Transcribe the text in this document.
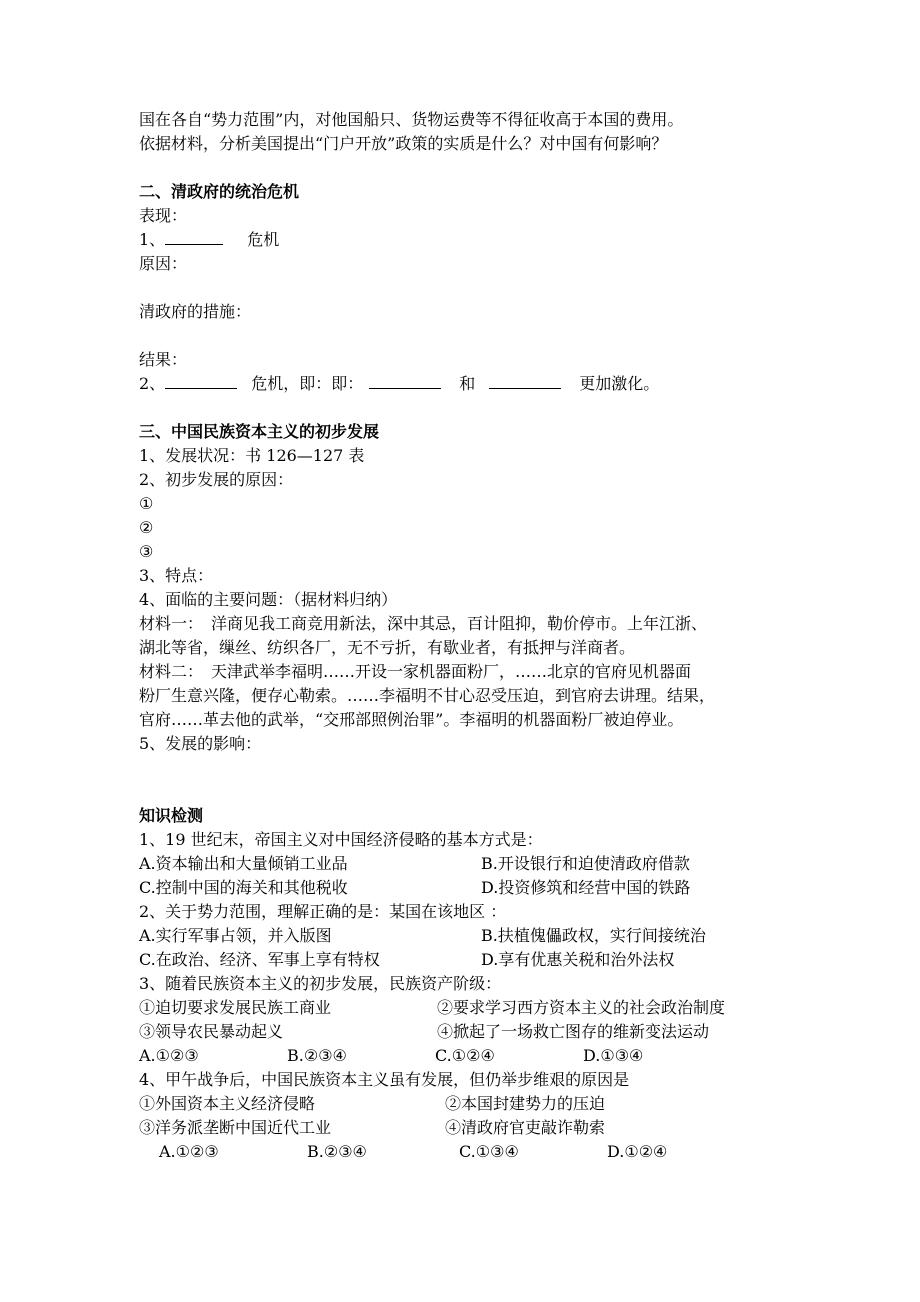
国在各自“势力范围”内，对他国船只、货物运费等不得征收高于本国的费用。
依据材料，分析美国提出“门户开放”政策的实质是什么？对中国有何影响？
二、清政府的统治危机
表现：
1、	危机
原因：
清政府的措施：
结果：
2、	危机，即：即：	和	更加激化。
三、中国民族资本主义的初步发展
1、发展状况：书 126—127 表
2、初步发展的原因：
①
②
③
3、特点：
4、面临的主要问题：（据材料归纳）
材料一：　洋商见我工商竞用新法，深中其忌，百计阻抑，勒价停市。上年江浙、
湖北等省，缫丝、纺织各厂，无不亏折，有歇业者，有抵押与洋商者。
材料二：　天津武举李福明……开设一家机器面粉厂，……北京的官府见机器面
粉厂生意兴隆，便存心勒索。……李福明不甘心忍受压迫，到官府去讲理。结果，
官府……革去他的武举，“交邢部照例治罪”。李福明的机器面粉厂被迫停业。
5、发展的影响：
知识检测
1、19 世纪末，帝国主义对中国经济侵略的基本方式是：
A.资本输出和大量倾销工业品	B.开设银行和迫使清政府借款
C.控制中国的海关和其他税收	D.投资修筑和经营中国的铁路
2、关于势力范围，理解正确的是：某国在该地区 ：
A.实行军事占领，并入版图	B.扶植傀儡政权，实行间接统治
C.在政治、经济、军事上享有特权	D.享有优惠关税和治外法权
3、随着民族资本主义的初步发展，民族资产阶级：
①迫切要求发展民族工商业	②要求学习西方资本主义的社会政治制度
③领导农民暴动起义	④掀起了一场救亡图存的维新变法运动
A.①②③	B.②③④	C.①②④	D.①③④
4、甲午战争后，中国民族资本主义虽有发展，但仍举步维艰的原因是
①外国资本主义经济侵略	②本国封建势力的压迫
③洋务派垄断中国近代工业	④清政府官吏敲诈勒索
A.①②③	B.②③④	C.①③④	D.①②④
